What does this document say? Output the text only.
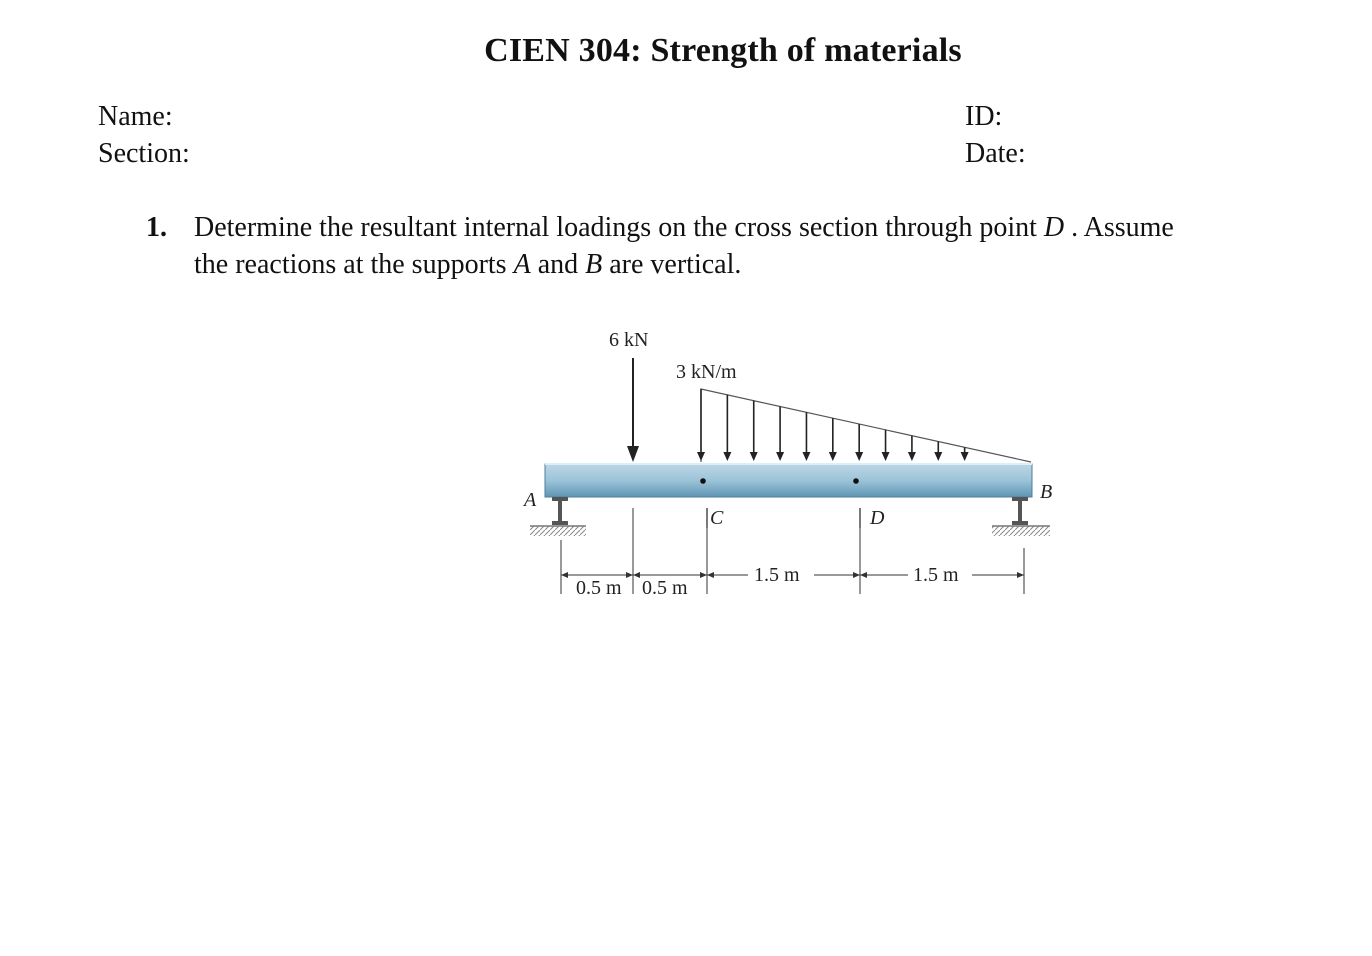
CIEN 304: Strength of materials
Name:
Section:
ID:
Date:
1. Determine the resultant internal loadings on the cross section through point D . Assume
the reactions at the supports A and B are vertical.
6 kN
3 kN/m
A	B
C	D
0.5 m 0.5 m
1.5 m	1.5 m
